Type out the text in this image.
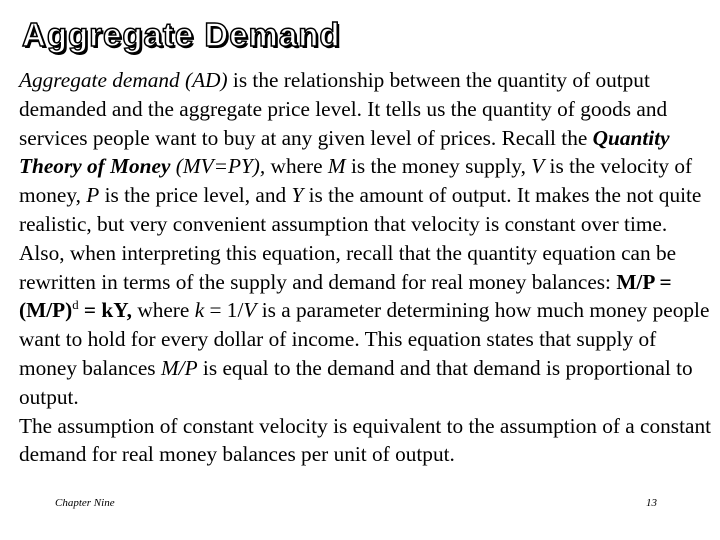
Aggregate Demand

Aggregate demand (AD) is the relationship between the quantity of output demanded and the aggregate price level. It tells us the quantity of goods and services people want to buy at any given level of prices. Recall the Quantity Theory of Money (MV=PY), where M is the money supply, V is the velocity of money, P is the price level, and Y is the amount of output. It makes the not quite realistic, but very convenient assumption that velocity is constant over time. Also, when interpreting this equation, recall that the quantity equation can be rewritten in terms of the supply and demand for real money balances: $M/P = (M/P)^d$ = kY, where k = 1/V is a parameter determining how much money people want to hold for every dollar of income. This equation states that supply of money balances M/P is equal to the demand and that demand is proportional to output.

The assumption of constant velocity is equivalent to the assumption of a constant demand for real money balances per unit of output.

Chapter Nine	13
